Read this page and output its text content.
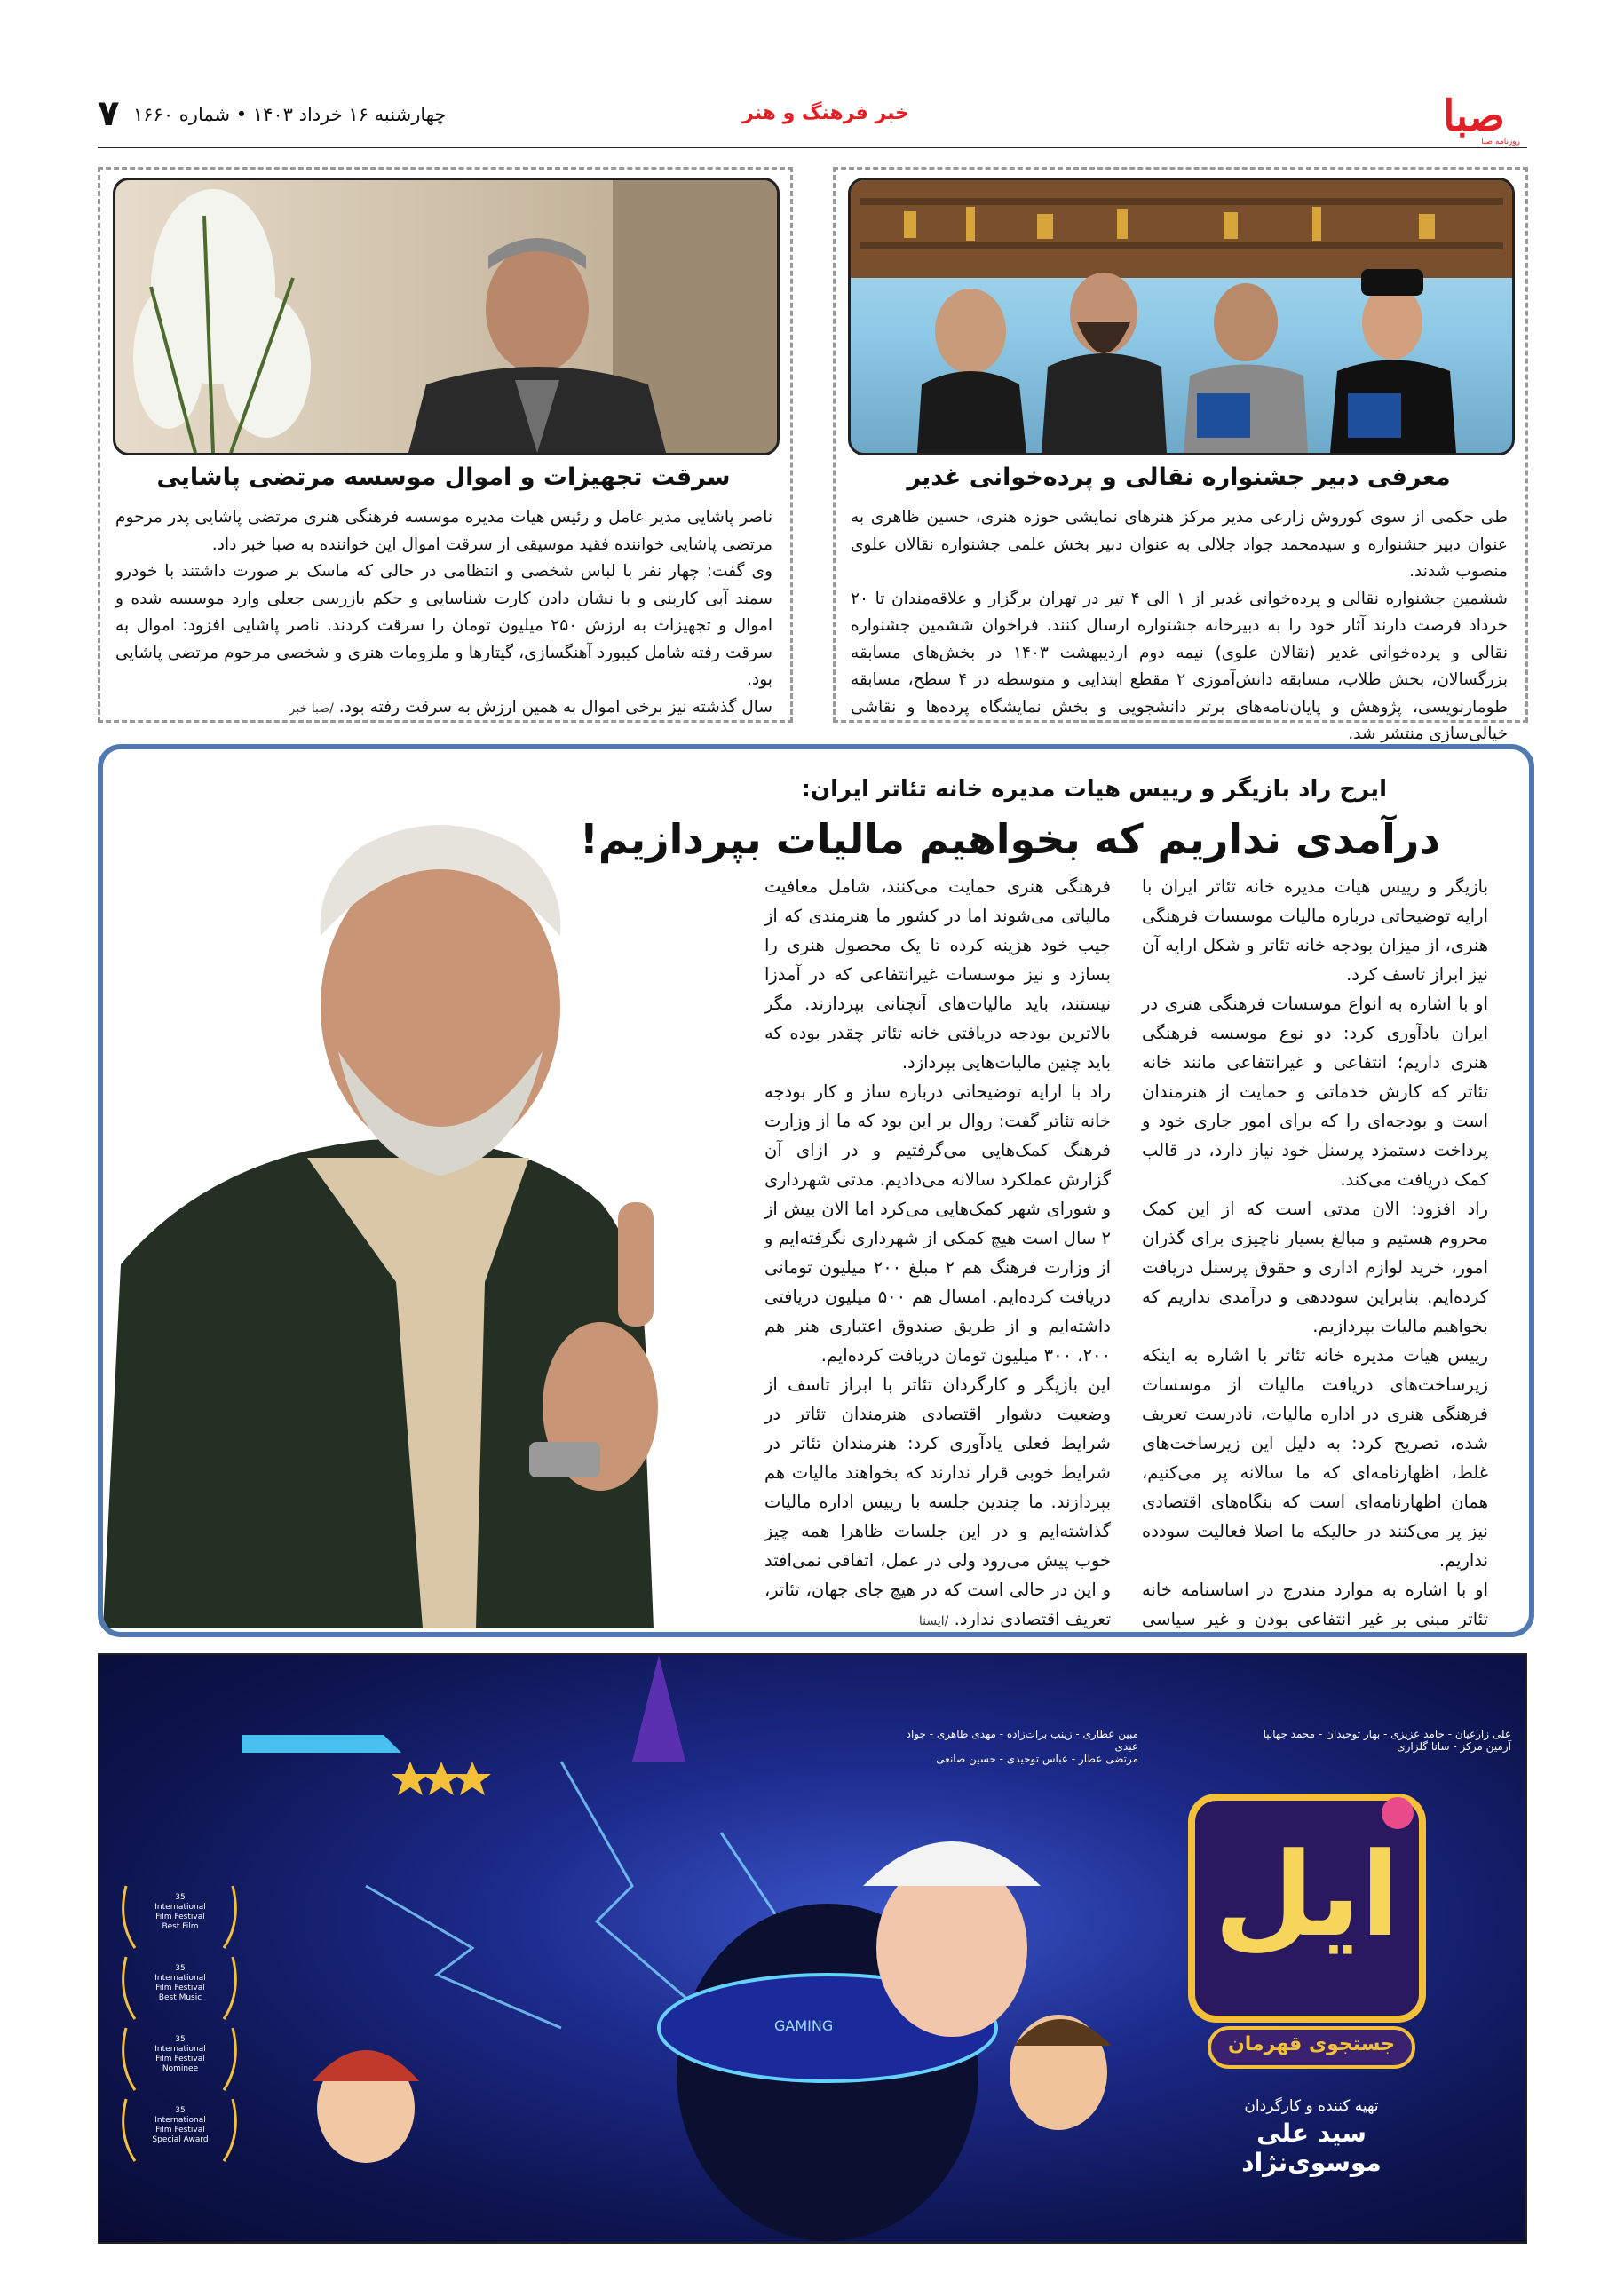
صبا
روزنامه صبا
خبر فرهنگ و هنر
چهارشنبه ۱۶ خرداد ۱۴۰۳ • شماره ۱۶۶۰
۷
معرفی دبیر جشنواره نقالی و پرده‌خوانی غدیر

طی حکمی از سوی کوروش زارعی مدیر مرکز هنرهای نمایشی حوزه هنری، حسین ظاهری به عنوان دبیر جشنواره و سیدمحمد جواد جلالی به عنوان دبیر بخش علمی جشنواره نقالان علوی منصوب شدند.

ششمین جشنواره نقالی و پرده‌خوانی غدیر از ۱ الی ۴ تیر در تهران برگزار و علاقه‌مندان تا ۲۰ خرداد فرصت دارند آثار خود را به دبیرخانه جشنواره ارسال کنند. فراخوان ششمین جشنواره نقالی و پرده‌خوانی غدیر (نقالان علوی) نیمه دوم اردیبهشت ۱۴۰۳ در بخش‌های مسابقه بزرگسالان، بخش طلاب، مسابقه دانش‌آموزی ۲ مقطع ابتدایی و متوسطه در ۴ سطح، مسابقه طومارنویسی، پژوهش و پایان‌نامه‌های برتر دانشجویی و بخش نمایشگاه پرده‌ها و نقاشی خیالی‌سازی منتشر شد.

سرقت تجهیزات و اموال موسسه مرتضی پاشایی

ناصر پاشایی مدیر عامل و رئیس هیات مدیره موسسه فرهنگی هنری مرتضی پاشایی پدر مرحوم مرتضی پاشایی خواننده فقید موسیقی از سرقت اموال این خواننده به صبا خبر داد.

وی گفت: چهار نفر با لباس شخصی و انتظامی در حالی که ماسک بر صورت داشتند با خودرو سمند آبی کاربنی و با نشان دادن کارت شناسایی و حکم بازرسی جعلی وارد موسسه شده و اموال و تجهیزات به ارزش ۲۵۰ میلیون تومان را سرقت کردند. ناصر پاشایی افزود: اموال به سرقت رفته شامل کیبورد آهنگسازی، گیتارها و ملزومات هنری و شخصی مرحوم مرتضی پاشایی بود.

سال گذشته نیز برخی اموال به همین ارزش به سرقت رفته بود. /صبا خبر

ایرج راد بازیگر و رییس هیات مدیره خانه تئاتر ایران:
درآمدی نداریم که بخواهیم مالیات بپردازیم!

فرهنگی هنری حمایت می‌کنند، شامل معافیت مالیاتی می‌شوند اما در کشور ما هنرمندی که از جیب خود هزینه کرده تا یک محصول هنری را بسازد و نیز موسسات غیرانتفاعی که در آمدزا نیستند، باید مالیات‌های آنچنانی بپردازند. مگر بالاترین بودجه دریافتی خانه تئاتر چقدر بوده که باید چنین مالیات‌هایی بپردازد.

راد با ارایه توضیحاتی درباره ساز و کار بودجه خانه تئاتر گفت: روال بر این بود که ما از وزارت فرهنگ کمک‌هایی می‌گرفتیم و در ازای آن گزارش عملکرد سالانه می‌دادیم. مدتی شهرداری و شورای شهر کمک‌هایی می‌کرد اما الان بیش از ۲ سال است هیچ کمکی از شهرداری نگرفته‌ایم و از وزارت فرهنگ هم ۲ مبلغ ۲۰۰ میلیون تومانی دریافت کرده‌ایم. امسال هم ۵۰۰ میلیون دریافتی داشته‌ایم و از طریق صندوق اعتباری هنر هم ۲۰۰، ۳۰۰ میلیون تومان دریافت کرده‌ایم.

این بازیگر و کارگردان تئاتر با ابراز تاسف از وضعیت دشوار اقتصادی هنرمندان تئاتر در شرایط فعلی یادآوری کرد: هنرمندان تئاتر در شرایط خوبی قرار ندارند که بخواهند مالیات هم بپردازند. ما چندین جلسه با رییس اداره مالیات گذاشته‌ایم و در این جلسات ظاهرا همه چیز خوب پیش می‌رود ولی در عمل، اتفاقی نمی‌افتد و این در حالی است که در هیچ جای جهان، تئاتر، تعریف اقتصادی ندارد. /ایسنا

بازیگر و رییس هیات مدیره خانه تئاتر ایران با ارایه توضیحاتی درباره مالیات موسسات فرهنگی هنری، از میزان بودجه خانه تئاتر و شکل ارایه آن نیز ابراز تاسف کرد.

او با اشاره به انواع موسسات فرهنگی هنری در ایران یادآوری کرد: دو نوع موسسه فرهنگی هنری داریم؛ انتفاعی و غیرانتفاعی مانند خانه تئاتر که کارش خدماتی و حمایت از هنرمندان است و بودجه‌ای را که برای امور جاری خود و پرداخت دستمزد پرسنل خود نیاز دارد، در قالب کمک دریافت می‌کند.

راد افزود: الان مدتی است که از این کمک محروم هستیم و مبالغ بسیار ناچیزی برای گذران امور، خرید لوازم اداری و حقوق پرسنل دریافت کرده‌ایم. بنابراین سوددهی و درآمدی نداریم که بخواهیم مالیات بپردازیم.

رییس هیات مدیره خانه تئاتر با اشاره به اینکه زیرساخت‌های دریافت مالیات از موسسات فرهنگی هنری در اداره مالیات، نادرست تعریف شده، تصریح کرد: به دلیل این زیرساخت‌های غلط، اظهارنامه‌ای که ما سالانه پر می‌کنیم، همان اظهارنامه‌ای است که بنگاه‌های اقتصادی نیز پر می‌کنند در حالیکه ما اصلا فعالیت سودده نداریم.

او با اشاره به موارد مندرج در اساسنامه خانه تئاتر مبنی بر غیر انتفاعی بودن و غیر سیاسی

ایل
جستجوی قهرمان
تهیه کننده و کارگردان
سید علی موسوی‌نژاد
علی زارعیان - حامد عزیزی - بهار توحیدان - محمد جهانپا
آرمین مرکز - سانا گلزاری
مبین عطاری - زینب برات‌زاده - مهدی طاهری - جواد عبدی
مرتضی عطار - عباس توحیدی - حسین صانعی
35
International
Film Festival
Best Film
35
International
Film Festival
Best Music
35
International
Film Festival
Nominee
35
International
Film Festival
Special Award
GAMING
